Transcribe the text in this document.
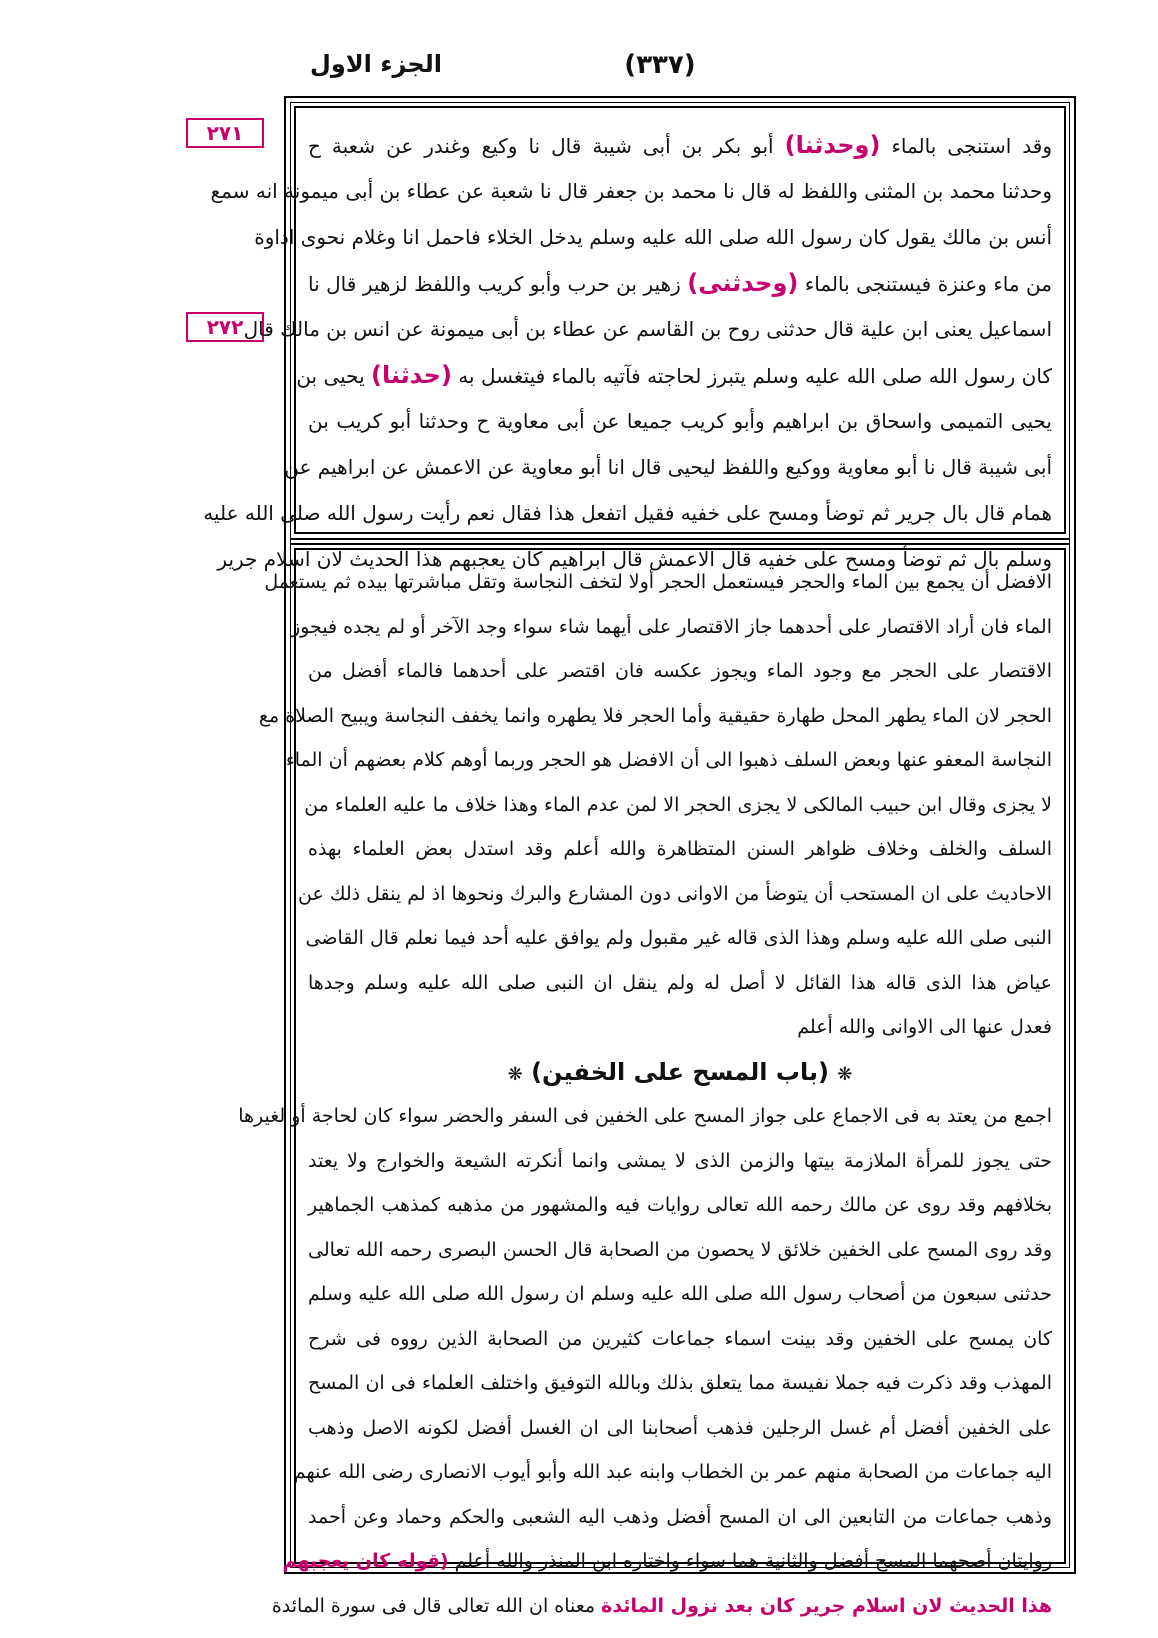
الجزء الاول	(٣٣٧)
٢٧١
٢٧٢
وقد استنجى بالماء (وحدثنا) أبو بكر بن أبى شيبة قال نا وكيع وغندر عن شعبة ح
وحدثنا محمد بن المثنى واللفظ له قال نا محمد بن جعفر قال نا شعبة عن عطاء بن أبى ميمونة انه سمع
أنس بن مالك يقول كان رسول الله صلى الله عليه وسلم يدخل الخلاء فاحمل انا وغلام نحوى اداوة
من ماء وعنزة فيستنجى بالماء (وحدثنى) زهير بن حرب وأبو كريب واللفظ لزهير قال نا
اسماعيل يعنى ابن علية قال حدثنى روح بن القاسم عن عطاء بن أبى ميمونة عن انس بن مالك قال
كان رسول الله صلى الله عليه وسلم يتبرز لحاجته فآتيه بالماء فيتغسل به (حدثنا) يحيى بن
يحيى التميمى واسحاق بن ابراهيم وأبو كريب جميعا عن أبى معاوية ح وحدثنا أبو كريب بن
أبى شيبة قال نا أبو معاوية ووكيع واللفظ ليحيى قال انا أبو معاوية عن الاعمش عن ابراهيم عن
همام قال بال جرير ثم توضأ ومسح على خفيه فقيل اتفعل هذا فقال نعم رأيت رسول الله صلى الله عليه
وسلم بال ثم توضأ ومسح على خفيه قال الاعمش قال ابراهيم كان يعجبهم هذا الحديث لان اسلام جرير
الافضل أن يجمع بين الماء والحجر فيستعمل الحجر أولا لتخف النجاسة وتقل مباشرتها بيده ثم يستعمل
الماء فان أراد الاقتصار على أحدهما جاز الاقتصار على أيهما شاء سواء وجد الآخر أو لم يجده فيجوز
الاقتصار على الحجر مع وجود الماء ويجوز عكسه فان اقتصر على أحدهما فالماء أفضل من
الحجر لان الماء يطهر المحل طهارة حقيقية وأما الحجر فلا يطهره وانما يخفف النجاسة ويبيح الصلاة مع
النجاسة المعفو عنها وبعض السلف ذهبوا الى أن الافضل هو الحجر وربما أوهم كلام بعضهم أن الماء
لا يجزى وقال ابن حبيب المالكى لا يجزى الحجر الا لمن عدم الماء وهذا خلاف ما عليه العلماء من
السلف والخلف وخلاف ظواهر السنن المتظاهرة والله أعلم وقد استدل بعض العلماء بهذه
الاحاديث على ان المستحب أن يتوضأ من الاوانى دون المشارع والبرك ونحوها اذ لم ينقل ذلك عن
النبى صلى الله عليه وسلم وهذا الذى قاله غير مقبول ولم يوافق عليه أحد فيما نعلم قال القاضى
عياض هذا الذى قاله هذا القائل لا أصل له ولم ينقل ان النبى صلى الله عليه وسلم وجدها
فعدل عنها الى الاوانى والله أعلم
❋ (باب المسح على الخفين) ❋
اجمع من يعتد به فى الاجماع على جواز المسح على الخفين فى السفر والحضر سواء كان لحاجة أو لغيرها
حتى يجوز للمرأة الملازمة بيتها والزمن الذى لا يمشى وانما أنكرته الشيعة والخوارج ولا يعتد
بخلافهم وقد روى عن مالك رحمه الله تعالى روايات فيه والمشهور من مذهبه كمذهب الجماهير
وقد روى المسح على الخفين خلائق لا يحصون من الصحابة قال الحسن البصرى رحمه الله تعالى
حدثنى سبعون من أصحاب رسول الله صلى الله عليه وسلم ان رسول الله صلى الله عليه وسلم
كان يمسح على الخفين وقد بينت اسماء جماعات كثيرين من الصحابة الذين رووه فى شرح
المهذب وقد ذكرت فيه جملا نفيسة مما يتعلق بذلك وبالله التوفيق واختلف العلماء فى ان المسح
على الخفين أفضل أم غسل الرجلين فذهب أصحابنا الى ان الغسل أفضل لكونه الاصل وذهب
اليه جماعات من الصحابة منهم عمر بن الخطاب وابنه عبد الله وأبو أيوب الانصارى رضى الله عنهم
وذهب جماعات من التابعين الى ان المسح أفضل وذهب اليه الشعبى والحكم وحماد وعن أحمد
روايتان أصحهما المسح أفضل والثانية هما سواء واختاره ابن المنذر والله أعلم (قوله كان يعجبهم
هذا الحديث لان اسلام جرير كان بعد نزول المائدة معناه ان الله تعالى قال فى سورة المائدة
